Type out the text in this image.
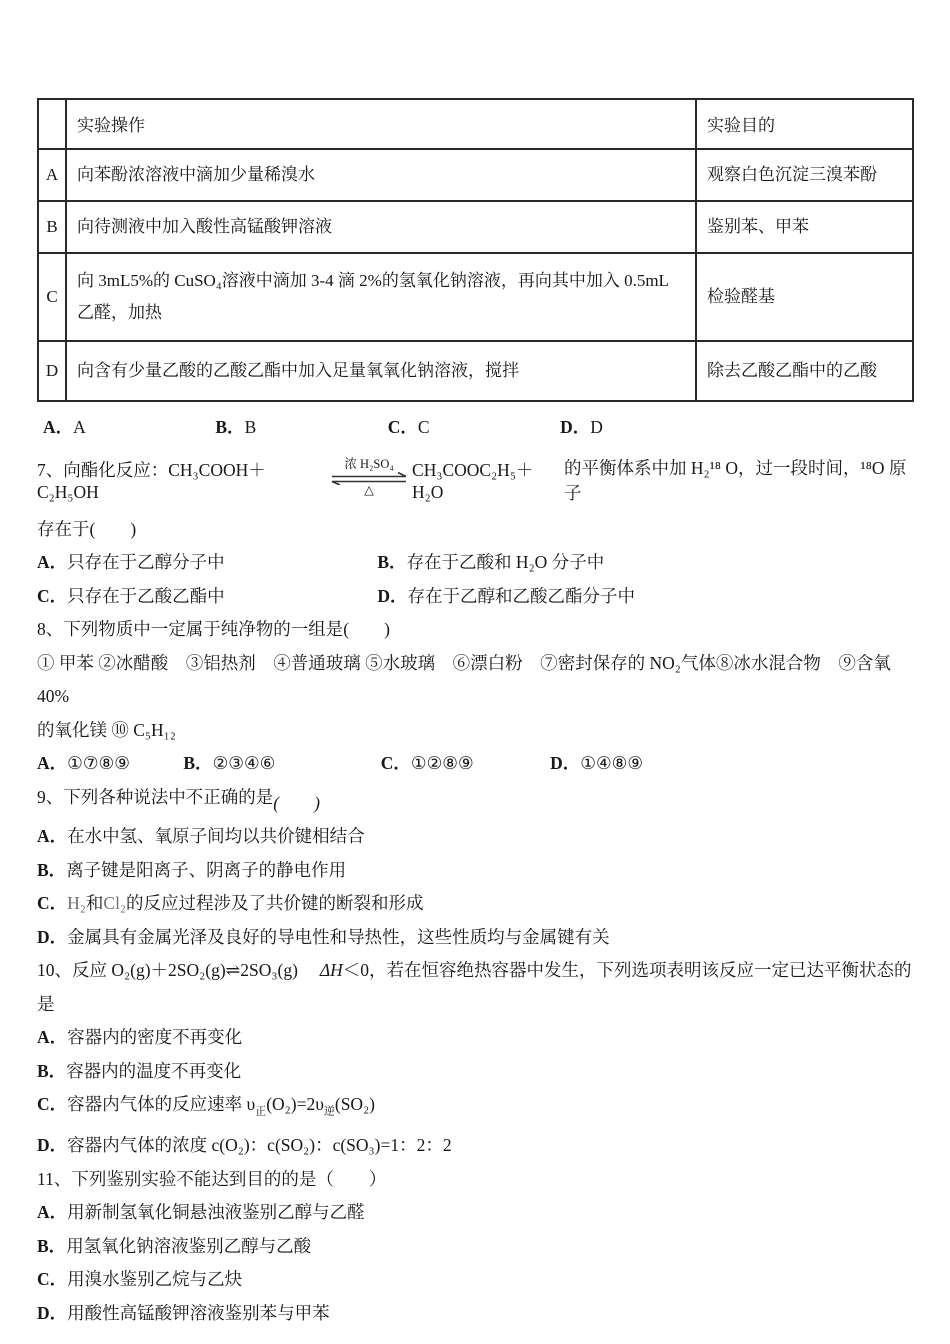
	实验操作	实验目的
A	向苯酚浓溶液中滴加少量稀溴水	观察白色沉淀三溴苯酚
B	向待测液中加入酸性高锰酸钾溶液	鉴别苯、甲苯
C	向 3mL5%的 CuSO₄溶液中滴加 3-4 滴 2%的氢氧化钠溶液，再向其中加入 0.5mL 乙醛，加热	检验醛基
D	向含有少量乙酸的乙酸乙酯中加入足量氧氧化钠溶液，搅拌	除去乙酸乙酯中的乙酸
A．A	B．B	C．C	D．D
7、向酯化反应：CH₃COOH＋C₂H₅OH
浓 H₂SO₄
△
CH₃COOC₂H₅＋H₂O
的平衡体系中加 H₂¹⁸ O，过一段时间，¹⁸O 原子
存在于(　　)
A．只存在于乙醇分子中	B．存在于乙酸和 H₂O 分子中
C．只存在于乙酸乙酯中	D．存在于乙醇和乙酸乙酯分子中
8、下列物质中一定属于纯净物的一组是(　　)
① 甲苯 ②冰醋酸　③铝热剂　④普通玻璃 ⑤水玻璃　⑥漂白粉　⑦密封保存的 NO₂气体⑧冰水混合物　⑨含氧 40%
的氧化镁 ⑩ C₅H₁₂
A．①⑦⑧⑨	B．②③④⑥	C．①②⑧⑨	D．①④⑧⑨
9、下列各种说法中不正确的是(　　)
A．在水中氢、氧原子间均以共价键相结合
B．离子键是阳离子、阴离子的静电作用
C．H₂和Cl₂的反应过程涉及了共价键的断裂和形成
D．金属具有金属光泽及良好的导电性和导热性，这些性质均与金属键有关
10、反应 O₂(g)＋2SO₂(g)⇌2SO₃(g)　 ΔH＜0，若在恒容绝热容器中发生，下列选项表明该反应一定已达平衡状态的是
A．容器内的密度不再变化
B．容器内的温度不再变化
C．容器内气体的反应速率 $\upsilon_正(O_2)=2\upsilon_逆(SO_2)$
D．容器内气体的浓度 c(O₂)：c(SO₂)：c(SO₃)=1：2：2
11、下列鉴别实验不能达到目的的是（　　）
A．用新制氢氧化铜悬浊液鉴别乙醇与乙醛
B．用氢氧化钠溶液鉴别乙醇与乙酸
C．用溴水鉴别乙烷与乙炔
D．用酸性高锰酸钾溶液鉴别苯与甲苯
